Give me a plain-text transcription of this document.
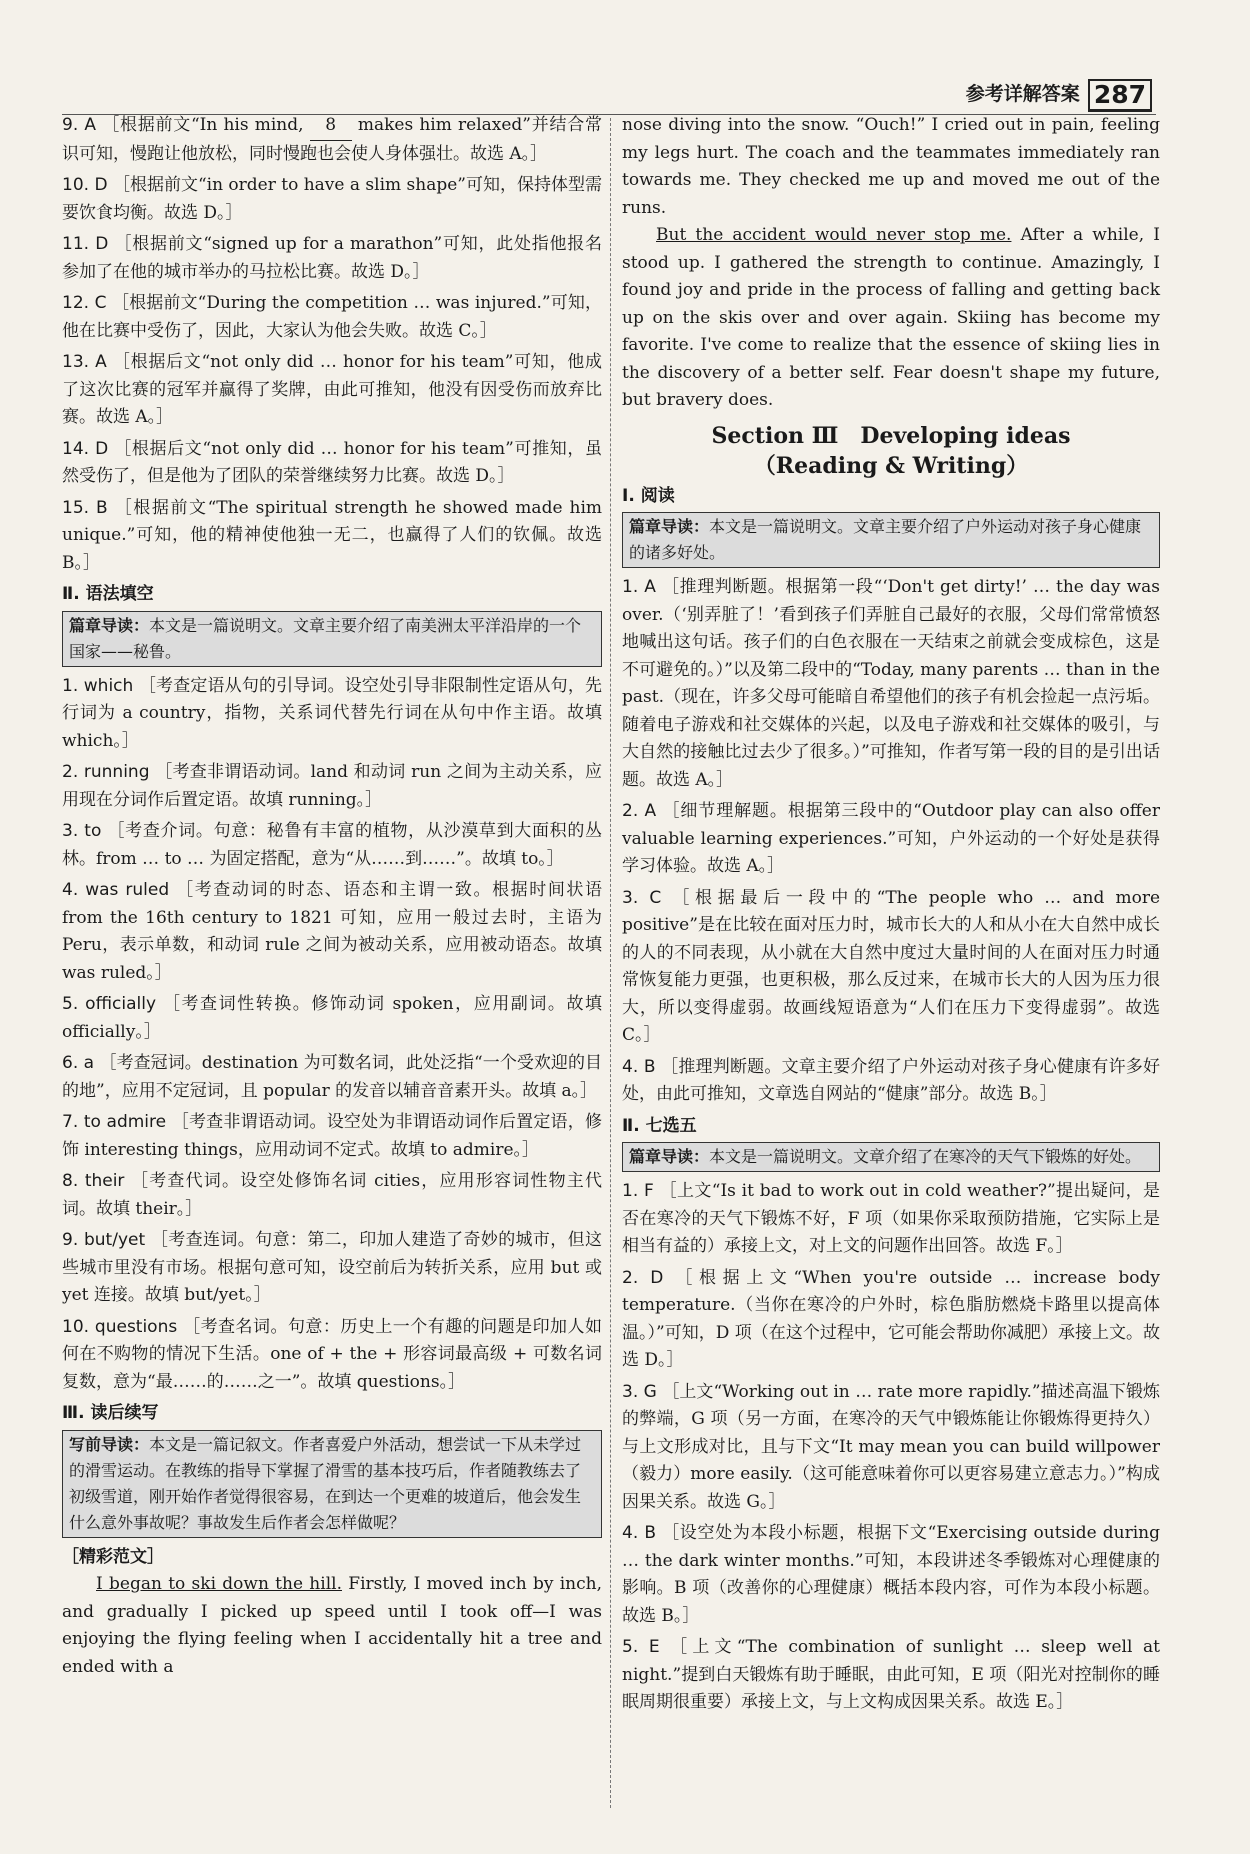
参考详解答案 287
9. A ［根据前文“In his mind, 8 makes him relaxed”并结合常识可知，慢跑让他放松，同时慢跑也会使人身体强壮。故选 A。］
10. D ［根据前文“in order to have a slim shape”可知，保持体型需要饮食均衡。故选 D。］
11. D ［根据前文“signed up for a marathon”可知，此处指他报名参加了在他的城市举办的马拉松比赛。故选 D。］
12. C ［根据前文“During the competition … was injured.”可知，他在比赛中受伤了，因此，大家认为他会失败。故选 C。］
13. A ［根据后文“not only did … honor for his team”可知，他成了这次比赛的冠军并赢得了奖牌，由此可推知，他没有因受伤而放弃比赛。故选 A。］
14. D ［根据后文“not only did … honor for his team”可推知，虽然受伤了，但是他为了团队的荣誉继续努力比赛。故选 D。］
15. B ［根据前文“The spiritual strength he showed made him unique.”可知，他的精神使他独一无二，也赢得了人们的钦佩。故选 B。］
Ⅱ. 语法填空
篇章导读：本文是一篇说明文。文章主要介绍了南美洲太平洋沿岸的一个国家——秘鲁。
1. which ［考查定语从句的引导词。设空处引导非限制性定语从句，先行词为 a country，指物，关系词代替先行词在从句中作主语。故填 which。］
2. running ［考查非谓语动词。land 和动词 run 之间为主动关系，应用现在分词作后置定语。故填 running。］
3. to ［考查介词。句意：秘鲁有丰富的植物，从沙漠草到大面积的丛林。from … to … 为固定搭配，意为“从……到……”。故填 to。］
4. was ruled ［考查动词的时态、语态和主谓一致。根据时间状语 from the 16th century to 1821 可知，应用一般过去时，主语为 Peru，表示单数，和动词 rule 之间为被动关系，应用被动语态。故填 was ruled。］
5. officially ［考查词性转换。修饰动词 spoken，应用副词。故填 officially。］
6. a ［考查冠词。destination 为可数名词，此处泛指“一个受欢迎的目的地”，应用不定冠词，且 popular 的发音以辅音音素开头。故填 a。］
7. to admire ［考查非谓语动词。设空处为非谓语动词作后置定语，修饰 interesting things，应用动词不定式。故填 to admire。］
8. their ［考查代词。设空处修饰名词 cities，应用形容词性物主代词。故填 their。］
9. but/yet ［考查连词。句意：第二，印加人建造了奇妙的城市，但这些城市里没有市场。根据句意可知，设空前后为转折关系，应用 but 或 yet 连接。故填 but/yet。］
10. questions ［考查名词。句意：历史上一个有趣的问题是印加人如何在不购物的情况下生活。one of + the + 形容词最高级 + 可数名词复数，意为“最……的……之一”。故填 questions。］
Ⅲ. 读后续写
写前导读：本文是一篇记叙文。作者喜爱户外活动，想尝试一下从未学过的滑雪运动。在教练的指导下掌握了滑雪的基本技巧后，作者随教练去了初级雪道，刚开始作者觉得很容易，在到达一个更难的坡道后，他会发生什么意外事故呢？事故发生后作者会怎样做呢？
［精彩范文］

I began to ski down the hill. Firstly, I moved inch by inch, and gradually I picked up speed until I took off—I was enjoying the flying feeling when I accidentally hit a tree and ended with a

nose diving into the snow. “Ouch!” I cried out in pain, feeling my legs hurt. The coach and the teammates immediately ran towards me. They checked me up and moved me out of the runs.

But the accident would never stop me. After a while, I stood up. I gathered the strength to continue. Amazingly, I found joy and pride in the process of falling and getting back up on the skis over and over again. Skiing has become my favorite. I've come to realize that the essence of skiing lies in the discovery of a better self. Fear doesn't shape my future, but bravery does.

Section Ⅲ　Developing ideas
（Reading & Writing）
Ⅰ. 阅读
篇章导读：本文是一篇说明文。文章主要介绍了户外运动对孩子身心健康的诸多好处。
1. A ［推理判断题。根据第一段“‘Don't get dirty!’ … the day was over.（‘别弄脏了！’看到孩子们弄脏自己最好的衣服，父母们常常愤怒地喊出这句话。孩子们的白色衣服在一天结束之前就会变成棕色，这是不可避免的。）”以及第二段中的“Today, many parents … than in the past.（现在，许多父母可能暗自希望他们的孩子有机会捡起一点污垢。随着电子游戏和社交媒体的兴起，以及电子游戏和社交媒体的吸引，与大自然的接触比过去少了很多。）”可推知，作者写第一段的目的是引出话题。故选 A。］
2. A ［细节理解题。根据第三段中的“Outdoor play can also offer valuable learning experiences.”可知，户外运动的一个好处是获得学习体验。故选 A。］
3. C ［根据最后一段中的“The people who … and more positive”是在比较在面对压力时，城市长大的人和从小在大自然中成长的人的不同表现，从小就在大自然中度过大量时间的人在面对压力时通常恢复能力更强，也更积极，那么反过来，在城市长大的人因为压力很大，所以变得虚弱。故画线短语意为“人们在压力下变得虚弱”。故选 C。］
4. B ［推理判断题。文章主要介绍了户外运动对孩子身心健康有许多好处，由此可推知，文章选自网站的“健康”部分。故选 B。］
Ⅱ. 七选五
篇章导读：本文是一篇说明文。文章介绍了在寒冷的天气下锻炼的好处。
1. F ［上文“Is it bad to work out in cold weather?”提出疑问，是否在寒冷的天气下锻炼不好，F 项（如果你采取预防措施，它实际上是相当有益的）承接上文，对上文的问题作出回答。故选 F。］
2. D ［根据上文“When you're outside … increase body temperature.（当你在寒冷的户外时，棕色脂肪燃烧卡路里以提高体温。）”可知，D 项（在这个过程中，它可能会帮助你减肥）承接上文。故选 D。］
3. G ［上文“Working out in … rate more rapidly.”描述高温下锻炼的弊端，G 项（另一方面，在寒冷的天气中锻炼能让你锻炼得更持久）与上文形成对比，且与下文“It may mean you can build willpower（毅力）more easily.（这可能意味着你可以更容易建立意志力。）”构成因果关系。故选 G。］
4. B ［设空处为本段小标题，根据下文“Exercising outside during … the dark winter months.”可知，本段讲述冬季锻炼对心理健康的影响。B 项（改善你的心理健康）概括本段内容，可作为本段小标题。故选 B。］
5. E ［上文“The combination of sunlight … sleep well at night.”提到白天锻炼有助于睡眠，由此可知，E 项（阳光对控制你的睡眠周期很重要）承接上文，与上文构成因果关系。故选 E。］
